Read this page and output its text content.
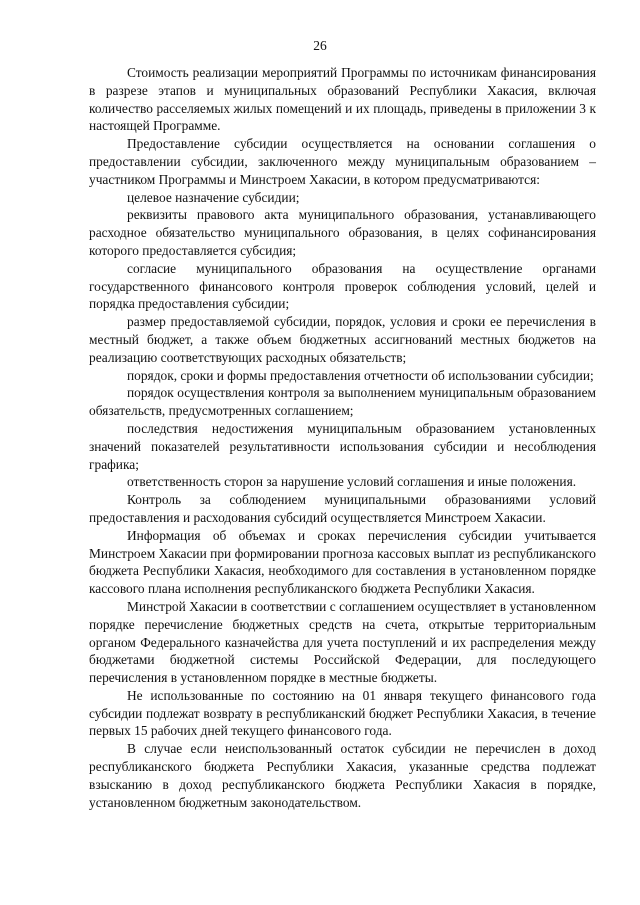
26

Стоимость реализации мероприятий Программы по источникам финансирования в разрезе этапов и муниципальных образований Республики Хакасия, включая количество расселяемых жилых помещений и их площадь, приведены в приложении 3 к настоящей Программе.

Предоставление субсидии осуществляется на основании соглашения о предоставлении субсидии, заключенного между муниципальным образованием – участником Программы и Минстроем Хакасии, в котором предусматриваются:

целевое назначение субсидии;

реквизиты правового акта муниципального образования, устанавливающего расходное обязательство муниципального образования, в целях софинансирования которого предоставляется субсидия;

согласие муниципального образования на осуществление органами государственного финансового контроля проверок соблюдения условий, целей и порядка предоставления субсидии;

размер предоставляемой субсидии, порядок, условия и сроки ее перечисления в местный бюджет, а также объем бюджетных ассигнований местных бюджетов на реализацию соответствующих расходных обязательств;

порядок, сроки и формы предоставления отчетности об использовании субсидии;

порядок осуществления контроля за выполнением муниципальным образованием обязательств, предусмотренных соглашением;

последствия недостижения муниципальным образованием установленных значений показателей результативности использования субсидии и несоблюдения графика;

ответственность сторон за нарушение условий соглашения и иные положения.

Контроль за соблюдением муниципальными образованиями условий предоставления и расходования субсидий осуществляется Минстроем Хакасии.

Информация об объемах и сроках перечисления субсидии учитывается Минстроем Хакасии при формировании прогноза кассовых выплат из республиканского бюджета Республики Хакасия, необходимого для составления в установленном порядке кассового плана исполнения республиканского бюджета Республики Хакасия.

Минстрой Хакасии в соответствии с соглашением осуществляет в установленном порядке перечисление бюджетных средств на счета, открытые территориальным органом Федерального казначейства для учета поступлений и их распределения между бюджетами бюджетной системы Российской Федерации, для последующего перечисления в установленном порядке в местные бюджеты.

Не использованные по состоянию на 01 января текущего финансового года субсидии подлежат возврату в республиканский бюджет Республики Хакасия, в течение первых 15 рабочих дней текущего финансового года.

В случае если неиспользованный остаток субсидии не перечислен в доход республиканского бюджета Республики Хакасия, указанные средства подлежат взысканию в доход республиканского бюджета Республики Хакасия в порядке, установленном бюджетным законодательством.
